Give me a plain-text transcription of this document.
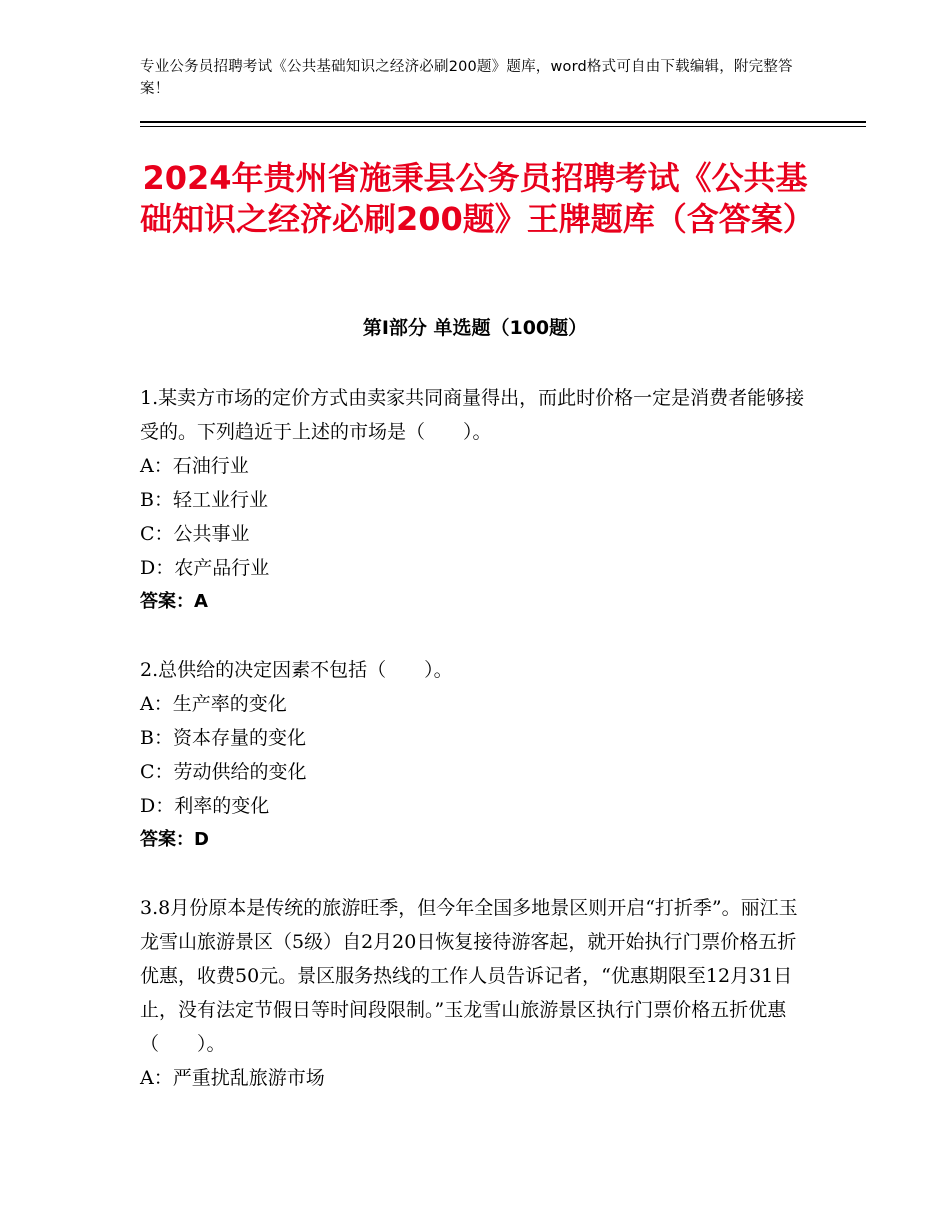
专业公务员招聘考试《公共基础知识之经济必刷200题》题库，word格式可自由下载编辑，附完整答案！
2024年贵州省施秉县公务员招聘考试《公共基础知识之经济必刷200题》王牌题库（含答案）
第Ⅰ部分 单选题（100题）

1.某卖方市场的定价方式由卖家共同商量得出，而此时价格一定是消费者能够接受的。下列趋近于上述的市场是（　　）。

A：石油行业

B：轻工业行业

C：公共事业

D：农产品行业

答案：A

2.总供给的决定因素不包括（　　）。

A：生产率的变化

B：资本存量的变化

C：劳动供给的变化

D：利率的变化

答案：D

3.8月份原本是传统的旅游旺季，但今年全国多地景区则开启“打折季”。丽江玉龙雪山旅游景区（5级）自2月20日恢复接待游客起，就开始执行门票价格五折优惠，收费50元。景区服务热线的工作人员告诉记者，“优惠期限至12月31日止，没有法定节假日等时间段限制。”玉龙雪山旅游景区执行门票价格五折优惠（　　）。

A：严重扰乱旅游市场
